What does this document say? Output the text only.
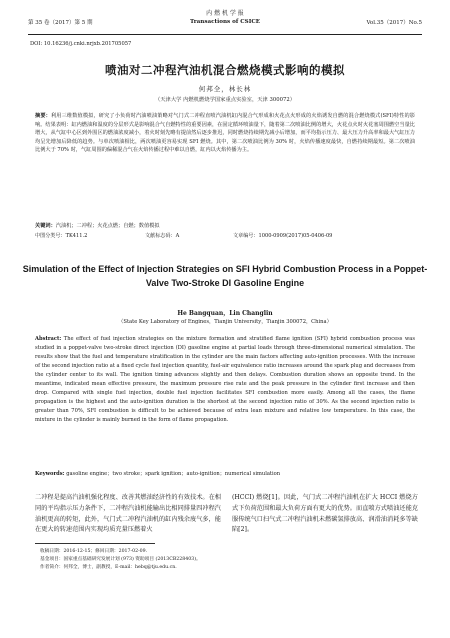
第 35 卷（2017）第 5 期
内 燃 机 学 报
Transactions of CSICE	Vol.35（2017）No.5
DOI: 10.16236/j.cnki.nrjxb.201705057
喷油对二冲程汽油机混合燃烧模式影响的模拟
何邦全，林长林
（天津大学 内燃机燃烧学国家重点实验室，天津 300072）
摘要：利用三维数值模拟，研究了小负荷时汽油喷油策略对气门式二冲程直喷汽油机缸内混合气形成和火花点火形成的火焰诱发自燃的混合燃烧模式(SFI)特性的影响。结果表明：缸内燃油和温度的分层形式是影响混合气自燃特性的重要因素，在固定循环喷油量下，随着第二次喷油比例的增大，火花点火时火花塞周围燃空当量比增大，从气缸中心区到外围区的燃油浓度减小，着火时刻先略有提前然后逐步推迟，同时燃烧持续期先减小后增加，而平均指示压力、最大压力升高率和最大气缸压力均呈先增加后降低的趋势。与单次喷油相比，两次喷油更容易实现 SFI 燃烧。其中，第二次喷油比例为 30% 时，火焰传播速度最快，自燃持续期最短。第二次喷油比例大于 70% 时，气缸周围的偏稀混合气在火焰传播过程中难以自燃，缸内以火焰传播为主。
关键词：汽油机；二冲程；火花点燃；自燃；数值模拟
中图分类号：TK411.2	文献标志码：A	文章编号：1000-0909(2017)05-0406-09
Simulation of the Effect of Injection Strategies on SFI Hybrid Combustion Process in a Poppet-Valve Two-Stroke DI Gasoline Engine
He Bangquan，Lin Changlin
（State Key Laboratory of Engines，Tianjin University，Tianjin 300072，China）
Abstract: The effect of fuel injection strategies on the mixture formation and stratified flame ignition (SFI) hybrid combustion process was studied in a poppet-valve two-stroke direct injection (DI) gasoline engine at partial loads through three-dimensional numerical simulation. The results show that the fuel and temperature stratification in the cylinder are the main factors affecting auto-ignition processes. With the increase of the second injection ratio at a fixed cycle fuel injection quantity, fuel-air equivalence ratio increases around the spark plug and decreases from the cylinder center to its wall. The ignition timing advances slightly and then delays. Combustion duration shows an opposite trend. In the meantime, indicated mean effective pressure, the maximum pressure rise rate and the peak pressure in the cylinder first increase and then drop. Compared with single fuel injection, double fuel injection facilitates SFI combustion more easily. Among all the cases, the flame propagation is the highest and the auto-ignition duration is the shortest at the second injection ratio of 30%. As the second injection ratio is greater than 70%, SFI combustion is difficult to be achieved because of extra lean mixture and relative low temperature. In this case, the mixture in the cylinder is mainly burned in the form of flame propagation.
Keywords: gasoline engine；two stroke；spark ignition；auto-ignition；numerical simulation
二冲程是提高汽油机强化程度、改善其燃油经济性的有效技术。在相同的平均指示压力条件下，二冲程汽油机能输出比相同排量四冲程汽油机更高的转矩，此外，气门式二冲程汽油机的缸内残余废气多，能在更大的转速范围内实现均质充量压燃着火
(HCCI) 燃烧[1]。因此，气门式二冲程汽油机在扩大 HCCI 燃烧方式下负荷范围和最大负荷方面有更大的优势。而直喷方式喷油还能克服传统气口扫气式二冲程汽油机未燃碳氢排放高、润滑油消耗多等缺陷[2]。
收稿日期：2016-12-15；修回日期：2017-02-09.
基金项目：国家重点基础研究发展计划 (973) 资助项目 (2013CB228403)。
作者简介：何邦全，博士，副教授，E-mail：hebq@tju.edu.cn.
